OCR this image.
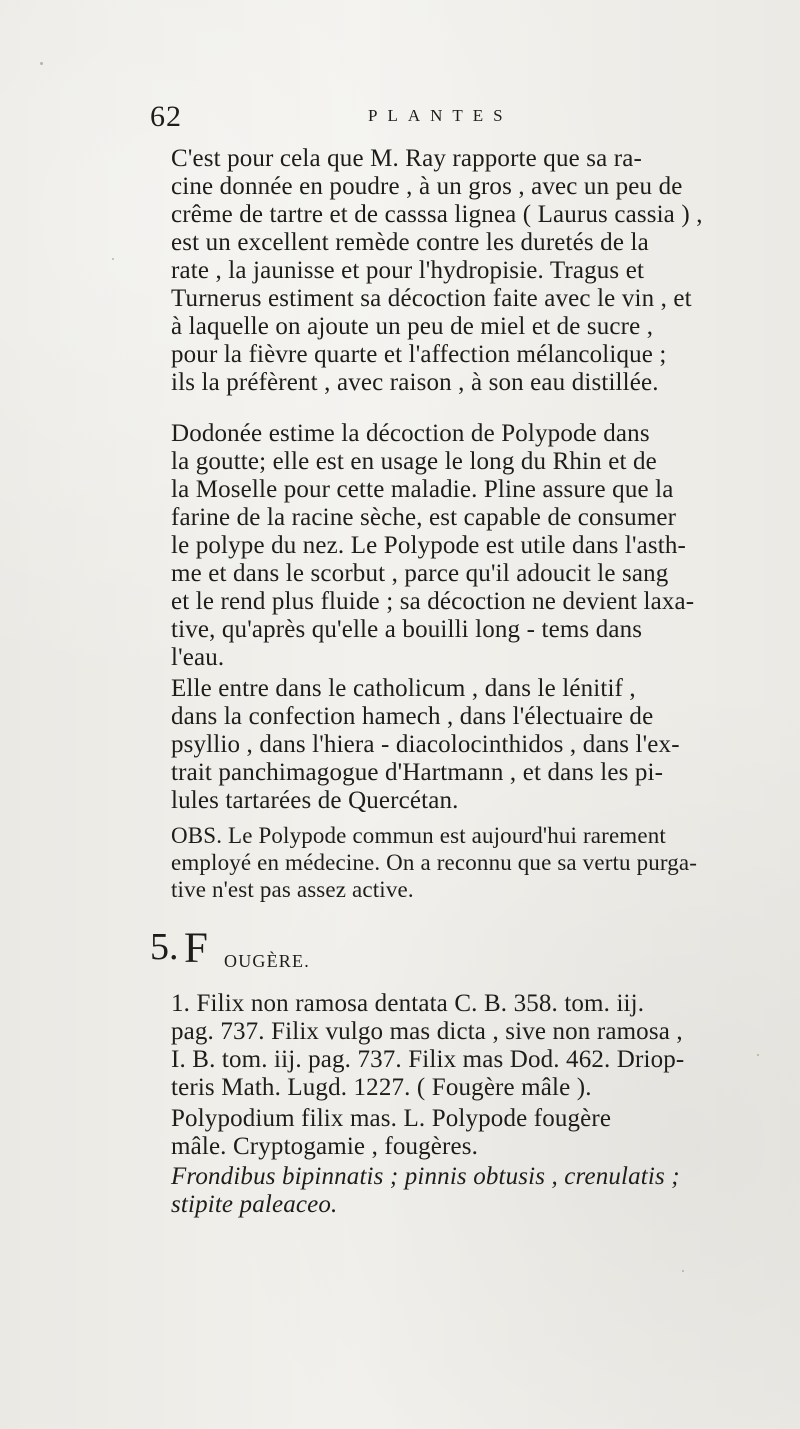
62	PLANTES

C'est pour cela que M. Ray rapporte que sa ra-
cine donnée en poudre , à un gros , avec un peu de
crême de tartre et de casssa lignea ( Laurus cassia ) ,
est un excellent remède contre les duretés de la
rate , la jaunisse et pour l'hydropisie. Tragus et
Turnerus estiment sa décoction faite avec le vin , et
à laquelle on ajoute un peu de miel et de sucre ,
pour la fièvre quarte et l'affection mélancolique ;
ils la préfèrent , avec raison , à son eau distillée.

Dodonée estime la décoction de Polypode dans
la goutte; elle est en usage le long du Rhin et de
la Moselle pour cette maladie. Pline assure que la
farine de la racine sèche, est capable de consumer
le polype du nez. Le Polypode est utile dans l'asth-
me et dans le scorbut , parce qu'il adoucit le sang
et le rend plus fluide ; sa décoction ne devient laxa-
tive, qu'après qu'elle a bouilli long - tems dans
l'eau.

Elle entre dans le catholicum , dans le lénitif ,
dans la confection hamech , dans l'électuaire de
psyllio , dans l'hiera - diacolocinthidos , dans l'ex-
trait panchimagogue d'Hartmann , et dans les pi-
lules tartarées de Quercétan.

OBS. Le Polypode commun est aujourd'hui rarement
employé en médecine. On a reconnu que sa vertu purga-
tive n'est pas assez active.

5. F OUGÈRE.

1. Filix non ramosa dentata C. B. 358. tom. iij.
pag. 737. Filix vulgo mas dicta , sive non ramosa ,
I. B. tom. iij. pag. 737. Filix mas Dod. 462. Driop-
teris Math. Lugd. 1227. ( Fougère mâle ).

Polypodium filix mas. L. Polypode fougère
mâle. Cryptogamie , fougères.

Frondibus bipinnatis ; pinnis obtusis , crenulatis ;
stipite paleaceo.
